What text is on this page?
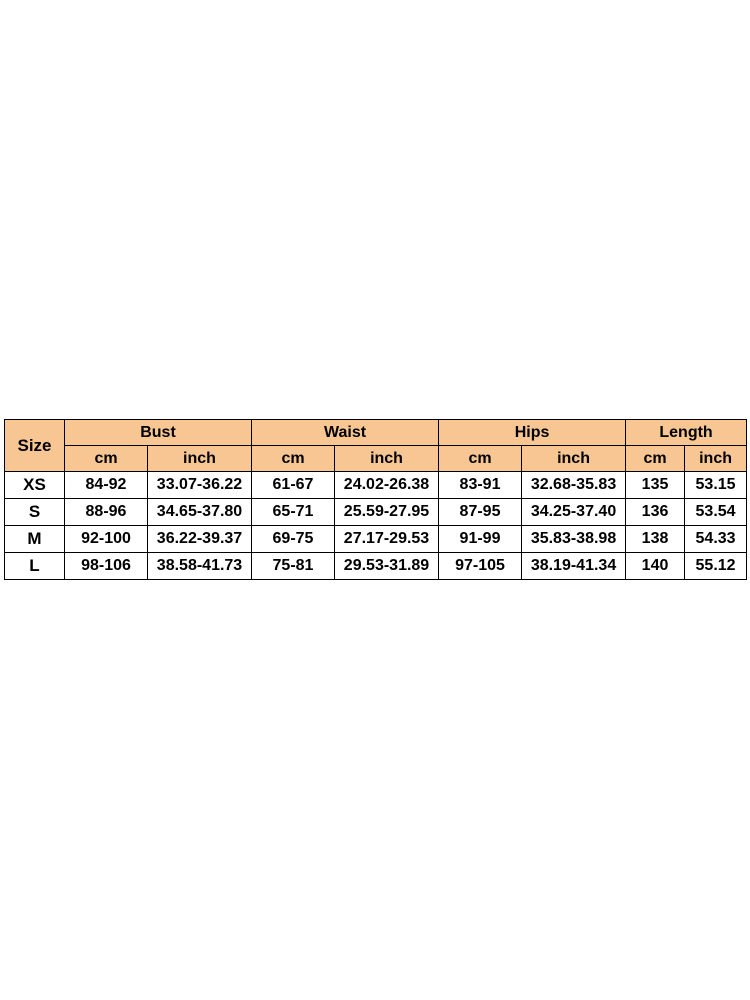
Size	Bust		Waist		Hips		Length	
	cm	inch	cm	inch	cm	inch	cm	inch
XS	84-92	33.07-36.22	61-67	24.02-26.38	83-91	32.68-35.83	135	53.15
S	88-96	34.65-37.80	65-71	25.59-27.95	87-95	34.25-37.40	136	53.54
M	92-100	36.22-39.37	69-75	27.17-29.53	91-99	35.83-38.98	138	54.33
L	98-106	38.58-41.73	75-81	29.53-31.89	97-105	38.19-41.34	140	55.12
